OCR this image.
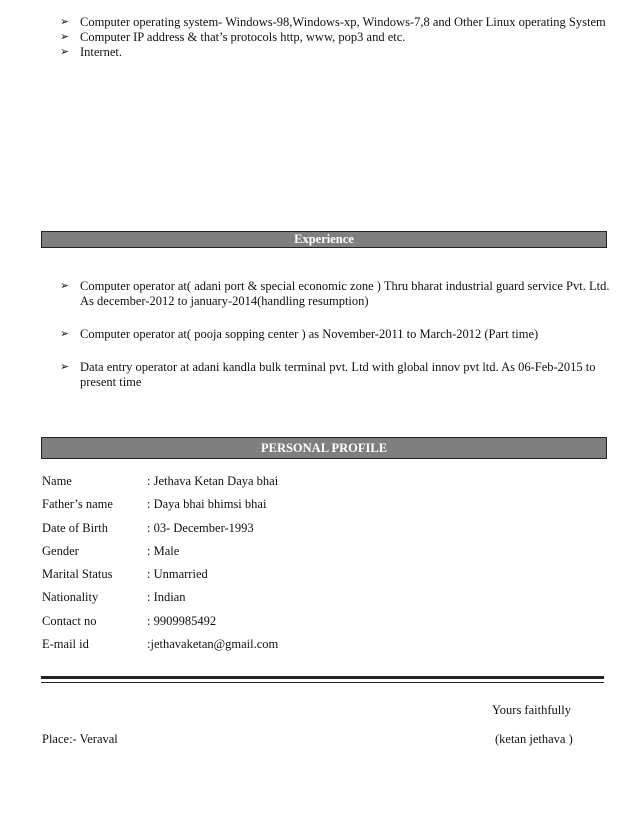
➢ Computer operating system- Windows-98,Windows-xp, Windows-7,8 and Other Linux operating System
➢ Computer IP address & that’s protocols http, www, pop3 and etc.
➢ Internet.
Experience
➢ Computer operator at( adani port & special economic zone ) Thru bharat industrial guard service Pvt. Ltd. As december-2012 to january-2014(handling resumption)
➢ Computer operator at( pooja sopping center ) as November-2011 to March-2012 (Part time)
➢ Data entry operator at adani kandla bulk terminal pvt. Ltd with global innov pvt ltd. As 06-Feb-2015 to present time
PERSONAL PROFILE
Name	: Jethava Ketan Daya bhai
Father’s name	: Daya bhai bhimsi bhai
Date of Birth	: 03- December-1993
Gender	: Male
Marital Status	: Unmarried
Nationality	: Indian
Contact no	: 9909985492
E-mail id	:jethavaketan@gmail.com
Yours faithfully
Place:- Veraval	(ketan jethava )
